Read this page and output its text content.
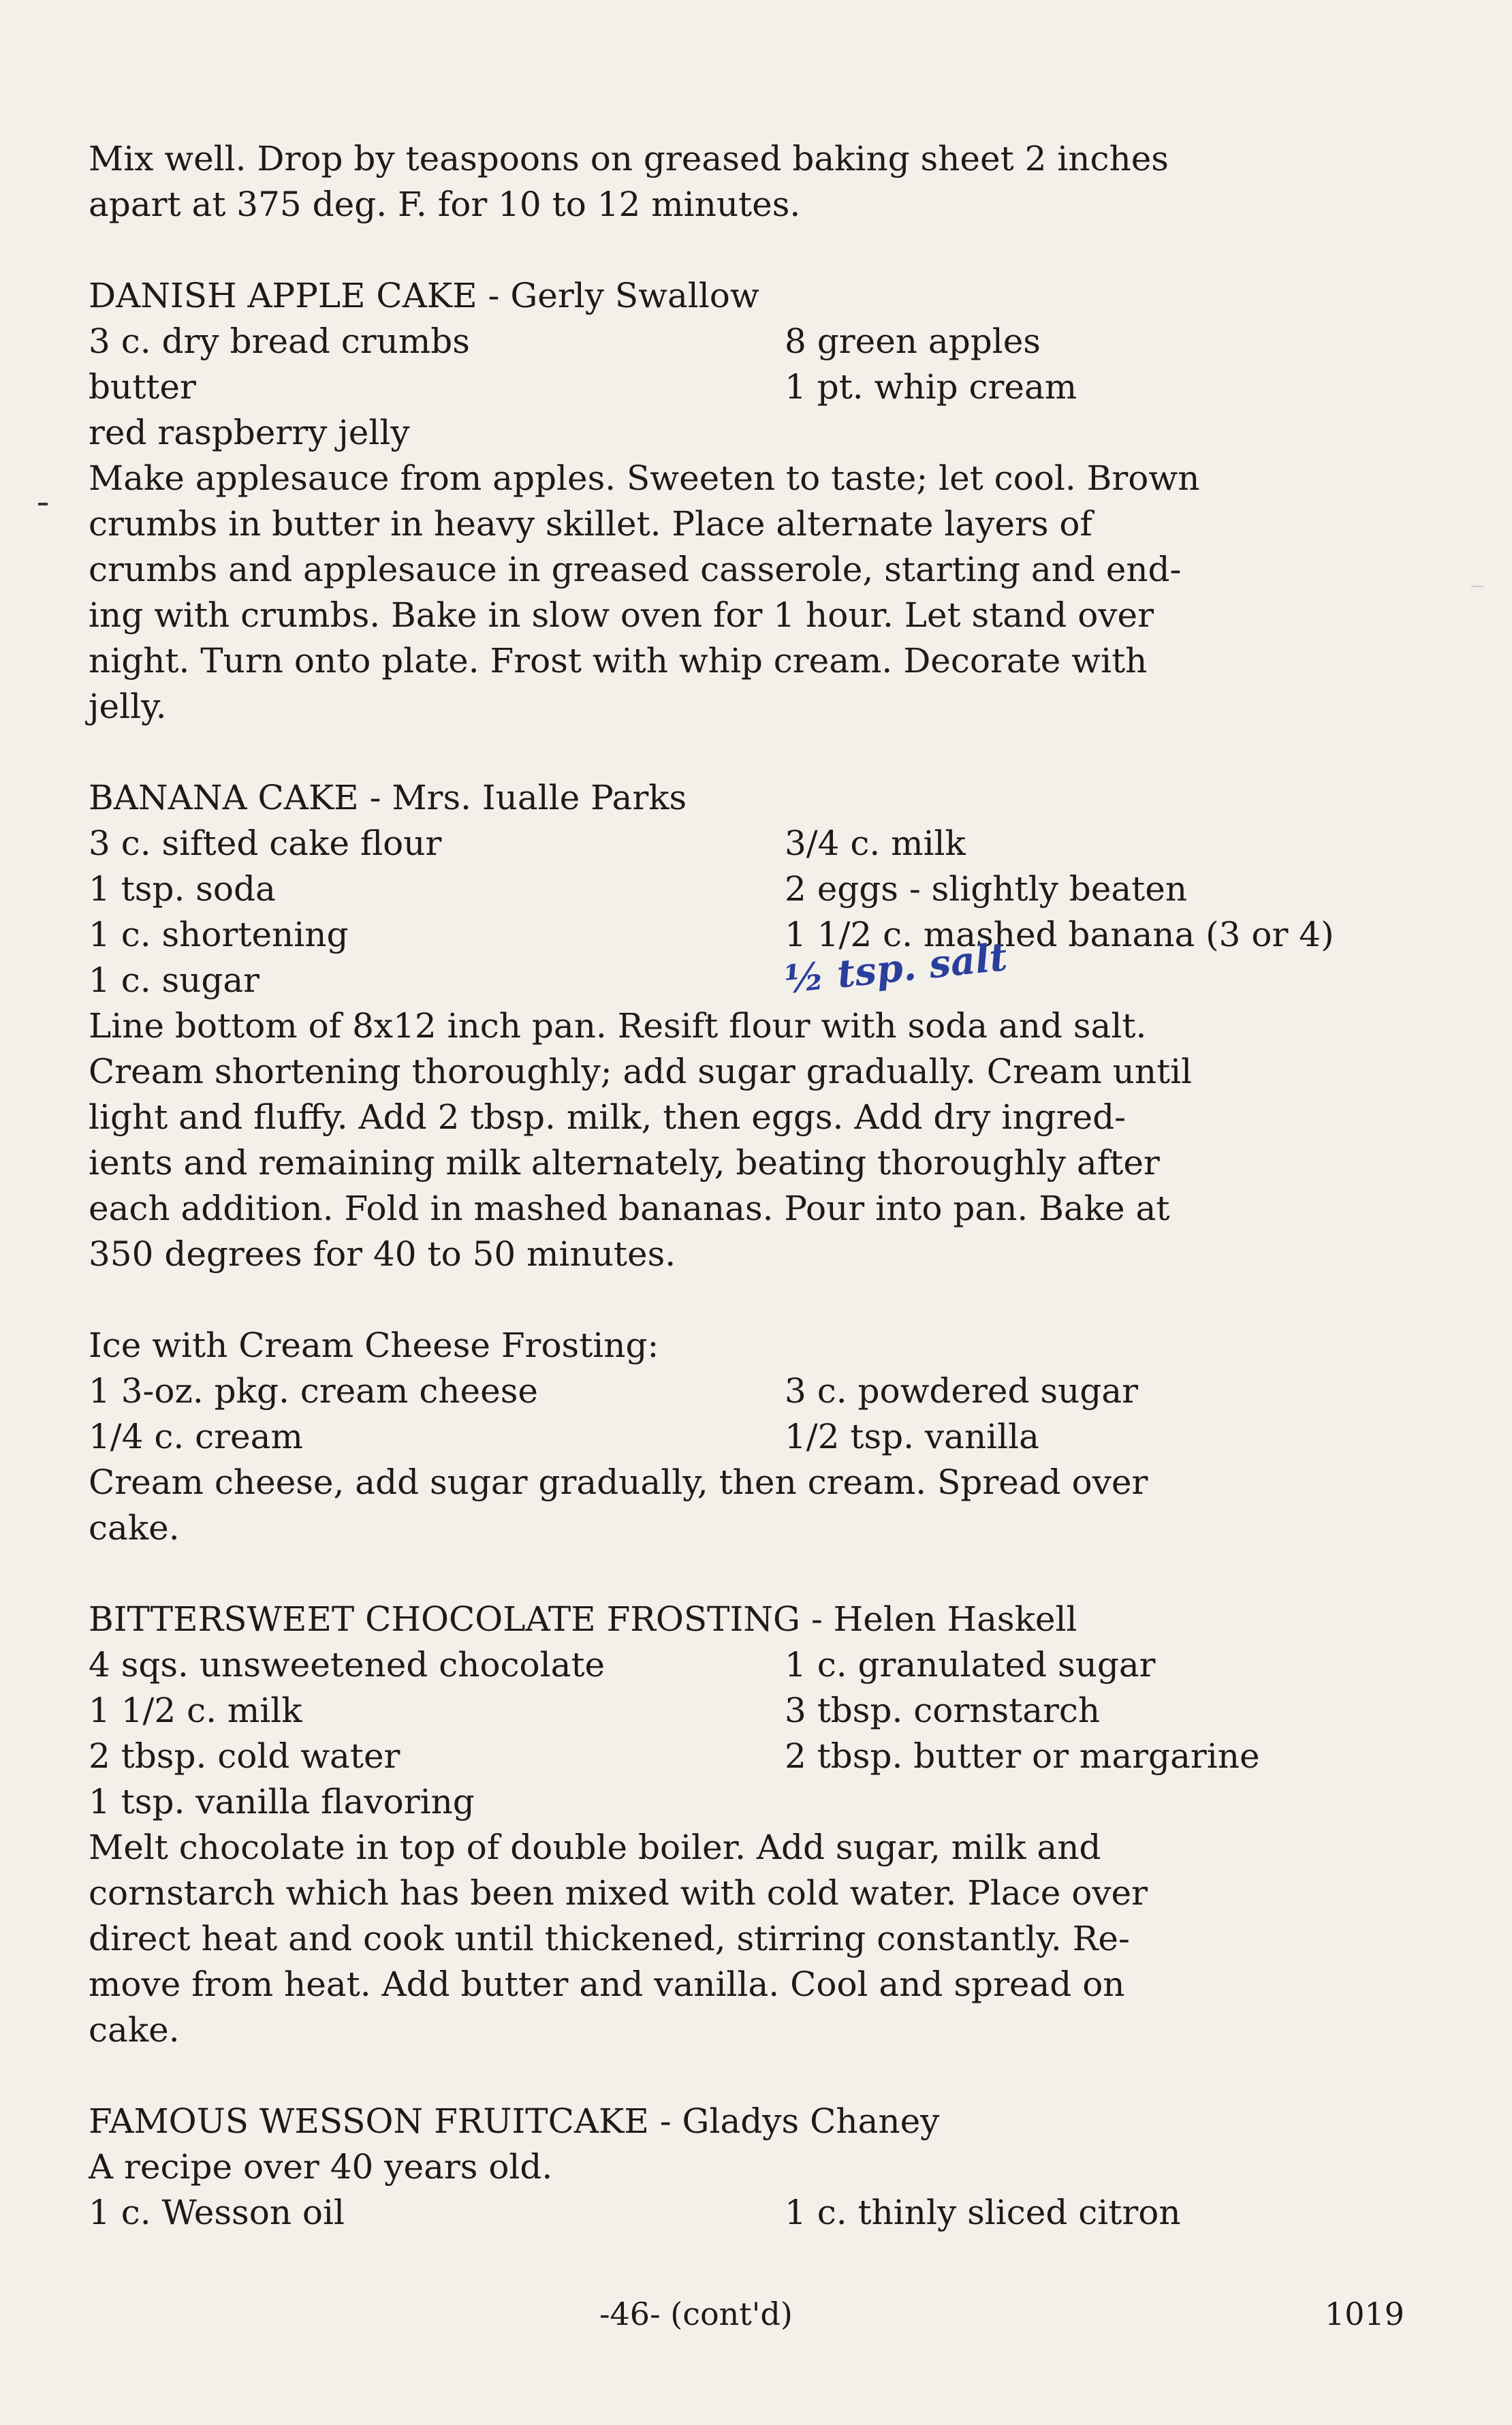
Mix well. Drop by teaspoons on greased baking sheet 2 inches
apart at 375 deg. F. for 10 to 12 minutes.
DANISH APPLE CAKE - Gerly Swallow
3 c. dry bread crumbs	8 green apples
butter	1 pt. whip cream
red raspberry jelly
Make applesauce from apples. Sweeten to taste; let cool. Brown
crumbs in butter in heavy skillet. Place alternate layers of
crumbs and applesauce in greased casserole, starting and end-
ing with crumbs. Bake in slow oven for 1 hour. Let stand over
night. Turn onto plate. Frost with whip cream. Decorate with
jelly.
BANANA CAKE - Mrs. Iualle Parks
3 c. sifted cake flour	3/4 c. milk
1 tsp. soda	2 eggs - slightly beaten
1 c. shortening	1 1/2 c. mashed banana (3 or 4)
1 c. sugar	½ tsp. salt
Line bottom of 8x12 inch pan. Resift flour with soda and salt.
Cream shortening thoroughly; add sugar gradually. Cream until
light and fluffy. Add 2 tbsp. milk, then eggs. Add dry ingred-
ients and remaining milk alternately, beating thoroughly after
each addition. Fold in mashed bananas. Pour into pan. Bake at
350 degrees for 40 to 50 minutes.
Ice with Cream Cheese Frosting:
1 3-oz. pkg. cream cheese	3 c. powdered sugar
1/4 c. cream	1/2 tsp. vanilla
Cream cheese, add sugar gradually, then cream. Spread over
cake.
BITTERSWEET CHOCOLATE FROSTING - Helen Haskell
4 sqs. unsweetened chocolate	1 c. granulated sugar
1 1/2 c. milk	3 tbsp. cornstarch
2 tbsp. cold water	2 tbsp. butter or margarine
1 tsp. vanilla flavoring
Melt chocolate in top of double boiler. Add sugar, milk and
cornstarch which has been mixed with cold water. Place over
direct heat and cook until thickened, stirring constantly. Re-
move from heat. Add butter and vanilla. Cool and spread on
cake.
FAMOUS WESSON FRUITCAKE - Gladys Chaney
A recipe over 40 years old.
1 c. Wesson oil	1 c. thinly sliced citron
-46- (cont'd)	1019
